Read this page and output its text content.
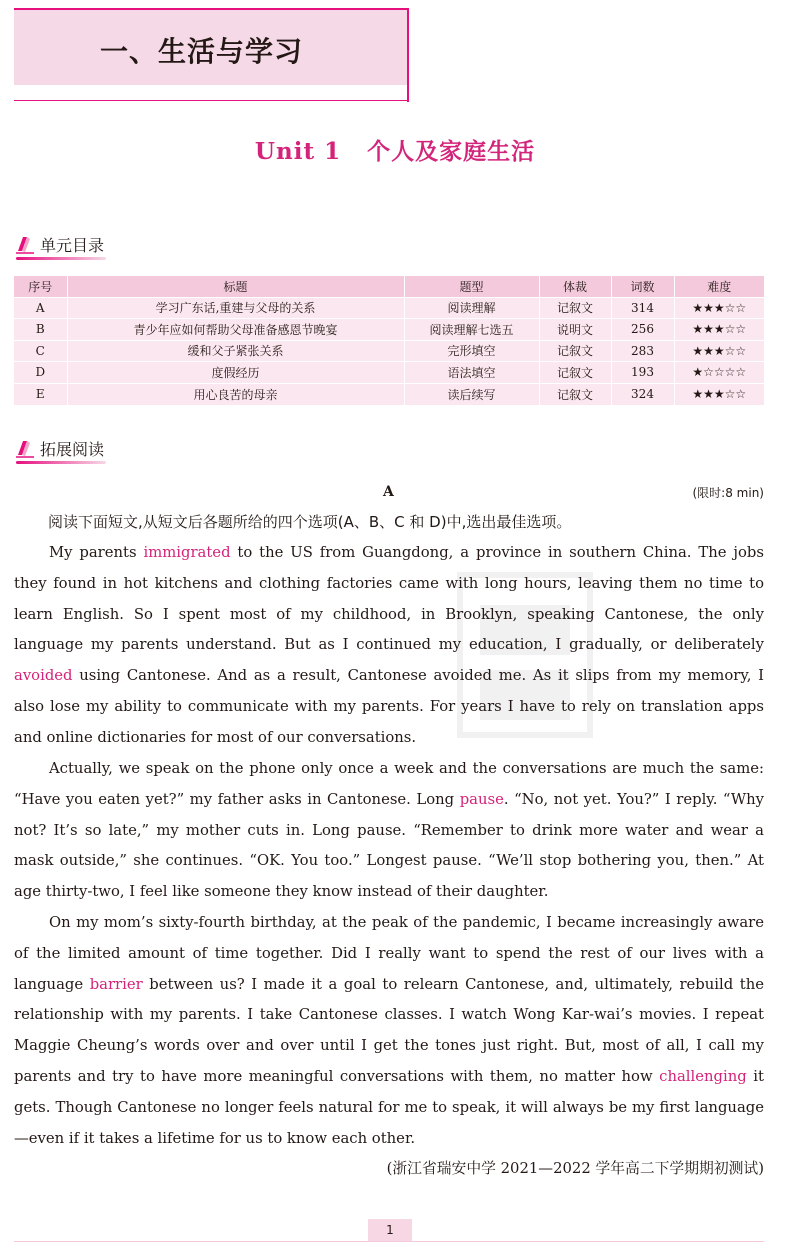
一、生活与学习
Unit 1 个人及家庭生活
单元目录
序号	标题	题型	体裁	词数	难度
A	学习广东话,重建与父母的关系	阅读理解	记叙文	314	★★★☆☆
B	青少年应如何帮助父母准备感恩节晚宴	阅读理解七选五	说明文	256	★★★☆☆
C	缓和父子紧张关系	完形填空	记叙文	283	★★★☆☆
D	度假经历	语法填空	记叙文	193	★☆☆☆☆
E	用心良苦的母亲	读后续写	记叙文	324	★★★☆☆
拓展阅读
A	(限时:8 min)
阅读下面短文,从短文后各题所给的四个选项(A、B、C 和 D)中,选出最佳选项。
My parents immigrated to the US from Guangdong, a province in southern China. The jobs they found in hot kitchens and clothing factories came with long hours, leaving them no time to learn English. So I spent most of my childhood, in Brooklyn, speaking Cantonese, the only language my parents understand. But as I continued my education, I gradually, or deliberately avoided using Cantonese. And as a result, Cantonese avoided me. As it slips from my memory, I also lose my ability to communicate with my parents. For years I have to rely on translation apps and online dictionaries for most of our conversations.
Actually, we speak on the phone only once a week and the conversations are much the same: “Have you eaten yet?” my father asks in Cantonese. Long pause. “No, not yet. You?” I reply. “Why not? It’s so late,” my mother cuts in. Long pause. “Remember to drink more water and wear a mask outside,” she continues. “OK. You too.” Longest pause. “We’ll stop bothering you, then.” At age thirty-two, I feel like someone they know instead of their daughter.
On my mom’s sixty-fourth birthday, at the peak of the pandemic, I became increasingly aware of the limited amount of time together. Did I really want to spend the rest of our lives with a language barrier between us? I made it a goal to relearn Cantonese, and, ultimately, rebuild the relationship with my parents. I take Cantonese classes. I watch Wong Kar-wai’s movies. I repeat Maggie Cheung’s words over and over until I get the tones just right. But, most of all, I call my parents and try to have more meaningful conversations with them, no matter how challenging it gets. Though Cantonese no longer feels natural for me to speak, it will always be my first language—even if it takes a lifetime for us to know each other.
(浙江省瑞安中学 2021—2022 学年高二下学期期初测试)
1
